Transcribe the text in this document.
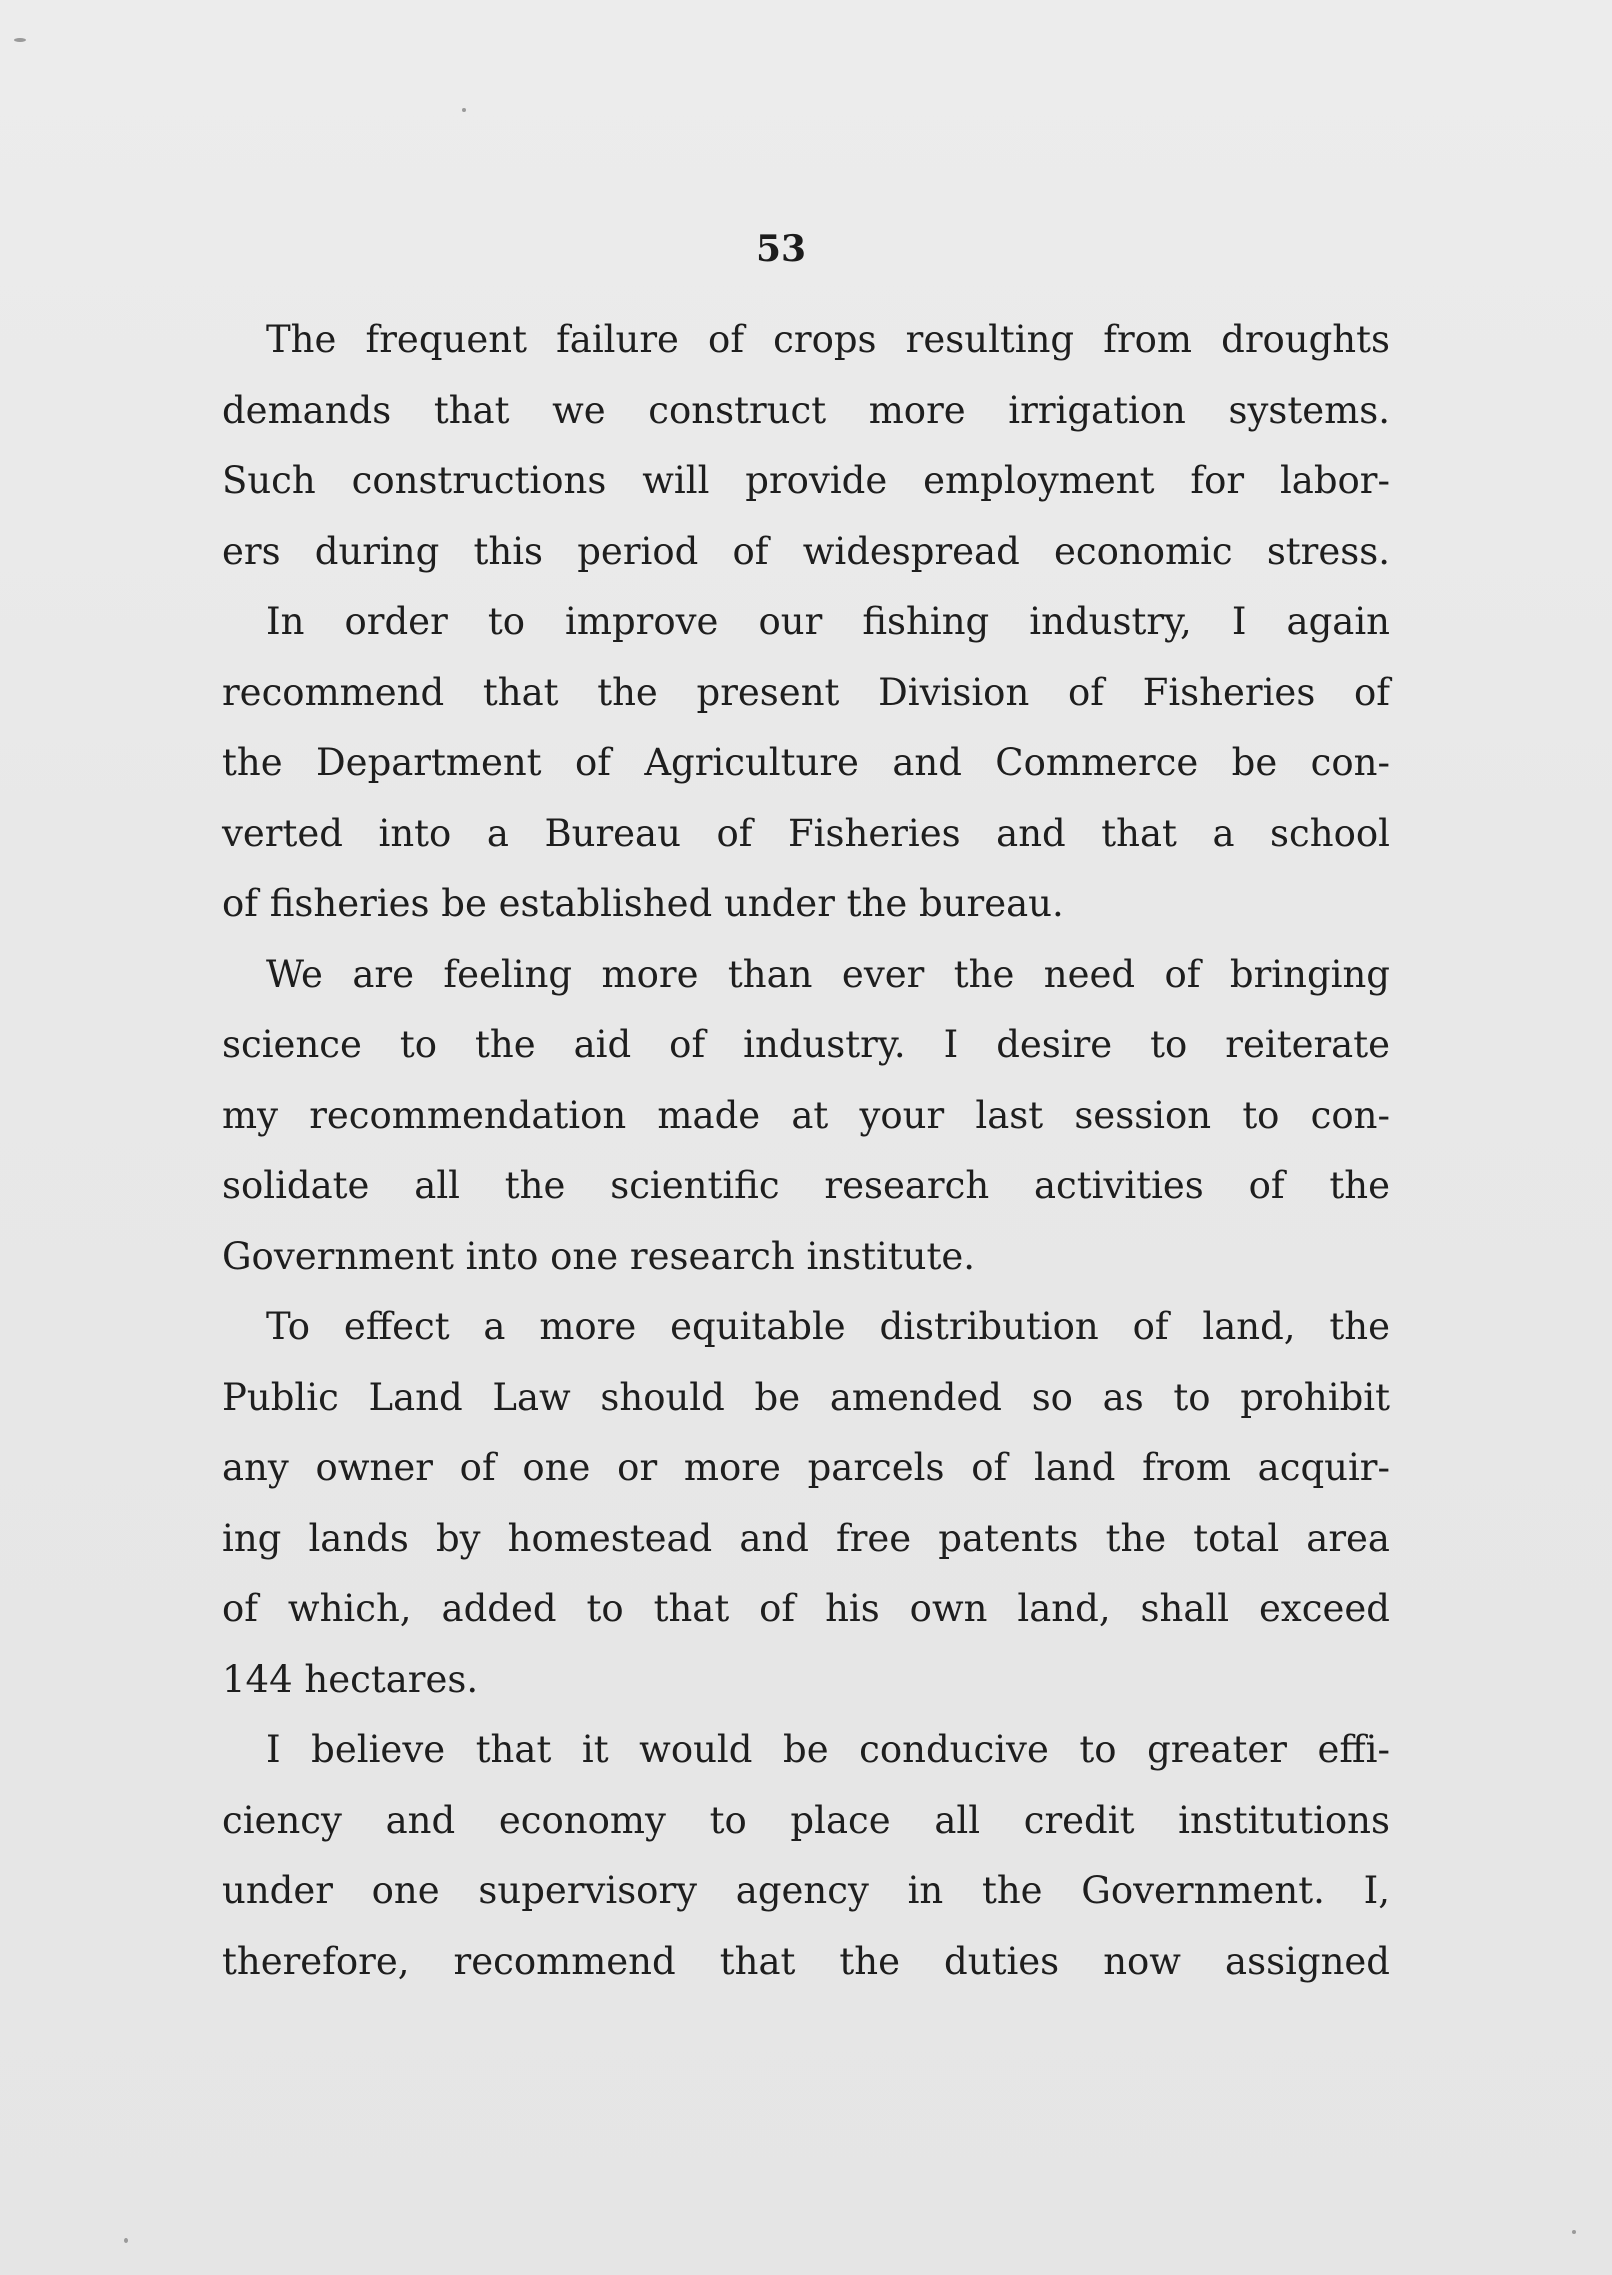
53
The frequent failure of crops resulting from droughts
demands that we construct more irrigation systems.
Such constructions will provide employment for labor-
ers during this period of widespread economic stress.
In order to improve our fishing industry, I again
recommend that the present Division of Fisheries of
the Department of Agriculture and Commerce be con-
verted into a Bureau of Fisheries and that a school
of fisheries be established under the bureau.
We are feeling more than ever the need of bringing
science to the aid of industry. I desire to reiterate
my recommendation made at your last session to con-
solidate all the scientific research activities of the
Government into one research institute.
To effect a more equitable distribution of land, the
Public Land Law should be amended so as to prohibit
any owner of one or more parcels of land from acquir-
ing lands by homestead and free patents the total area
of which, added to that of his own land, shall exceed
144 hectares.
I believe that it would be conducive to greater effi-
ciency and economy to place all credit institutions
under one supervisory agency in the Government. I,
therefore, recommend that the duties now assigned
